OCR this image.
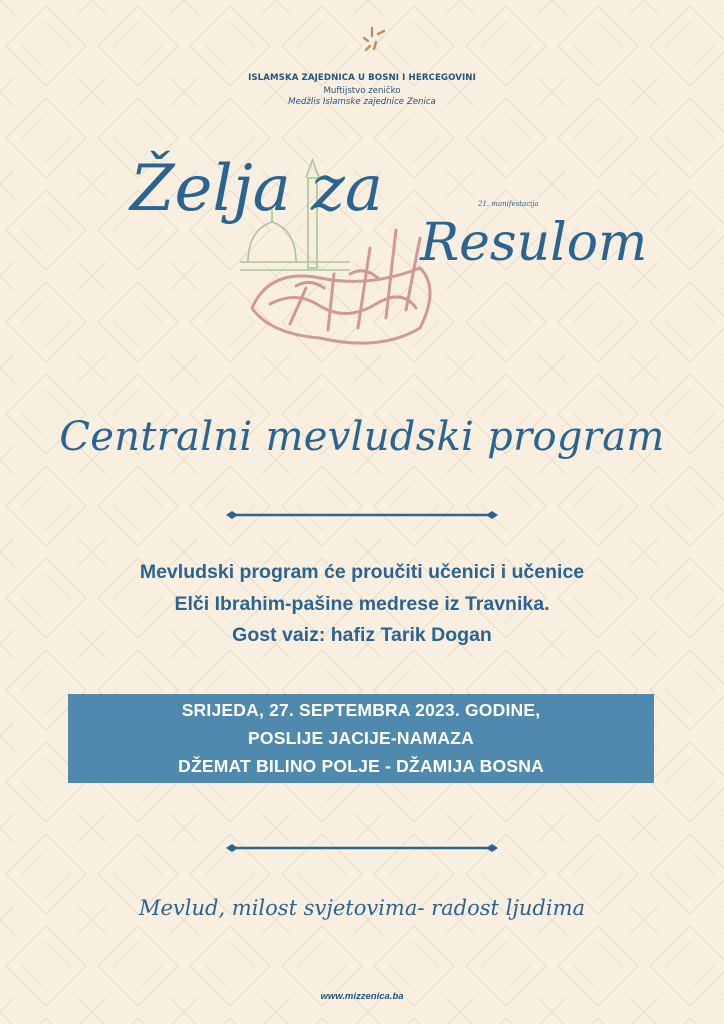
ISLAMSKA ZAJEDNICA U BOSNI I HERCEGOVINI
Muftijstvo zeničko
Medžlis Islamske zajednice Zenica
Želja za
Resulom
21. manifestacija
Centralni mevludski program
Mevludski program će proučiti učenici i učenice
Elči Ibrahim-pašine medrese iz Travnika.
Gost vaiz: hafiz Tarik Dogan
SRIJEDA, 27. SEPTEMBRA 2023. GODINE,
POSLIJE JACIJE-NAMAZA
DŽEMAT BILINO POLJE - DŽAMIJA BOSNA
Mevlud, milost svjetovima- radost ljudima
www.mizzenica.ba
